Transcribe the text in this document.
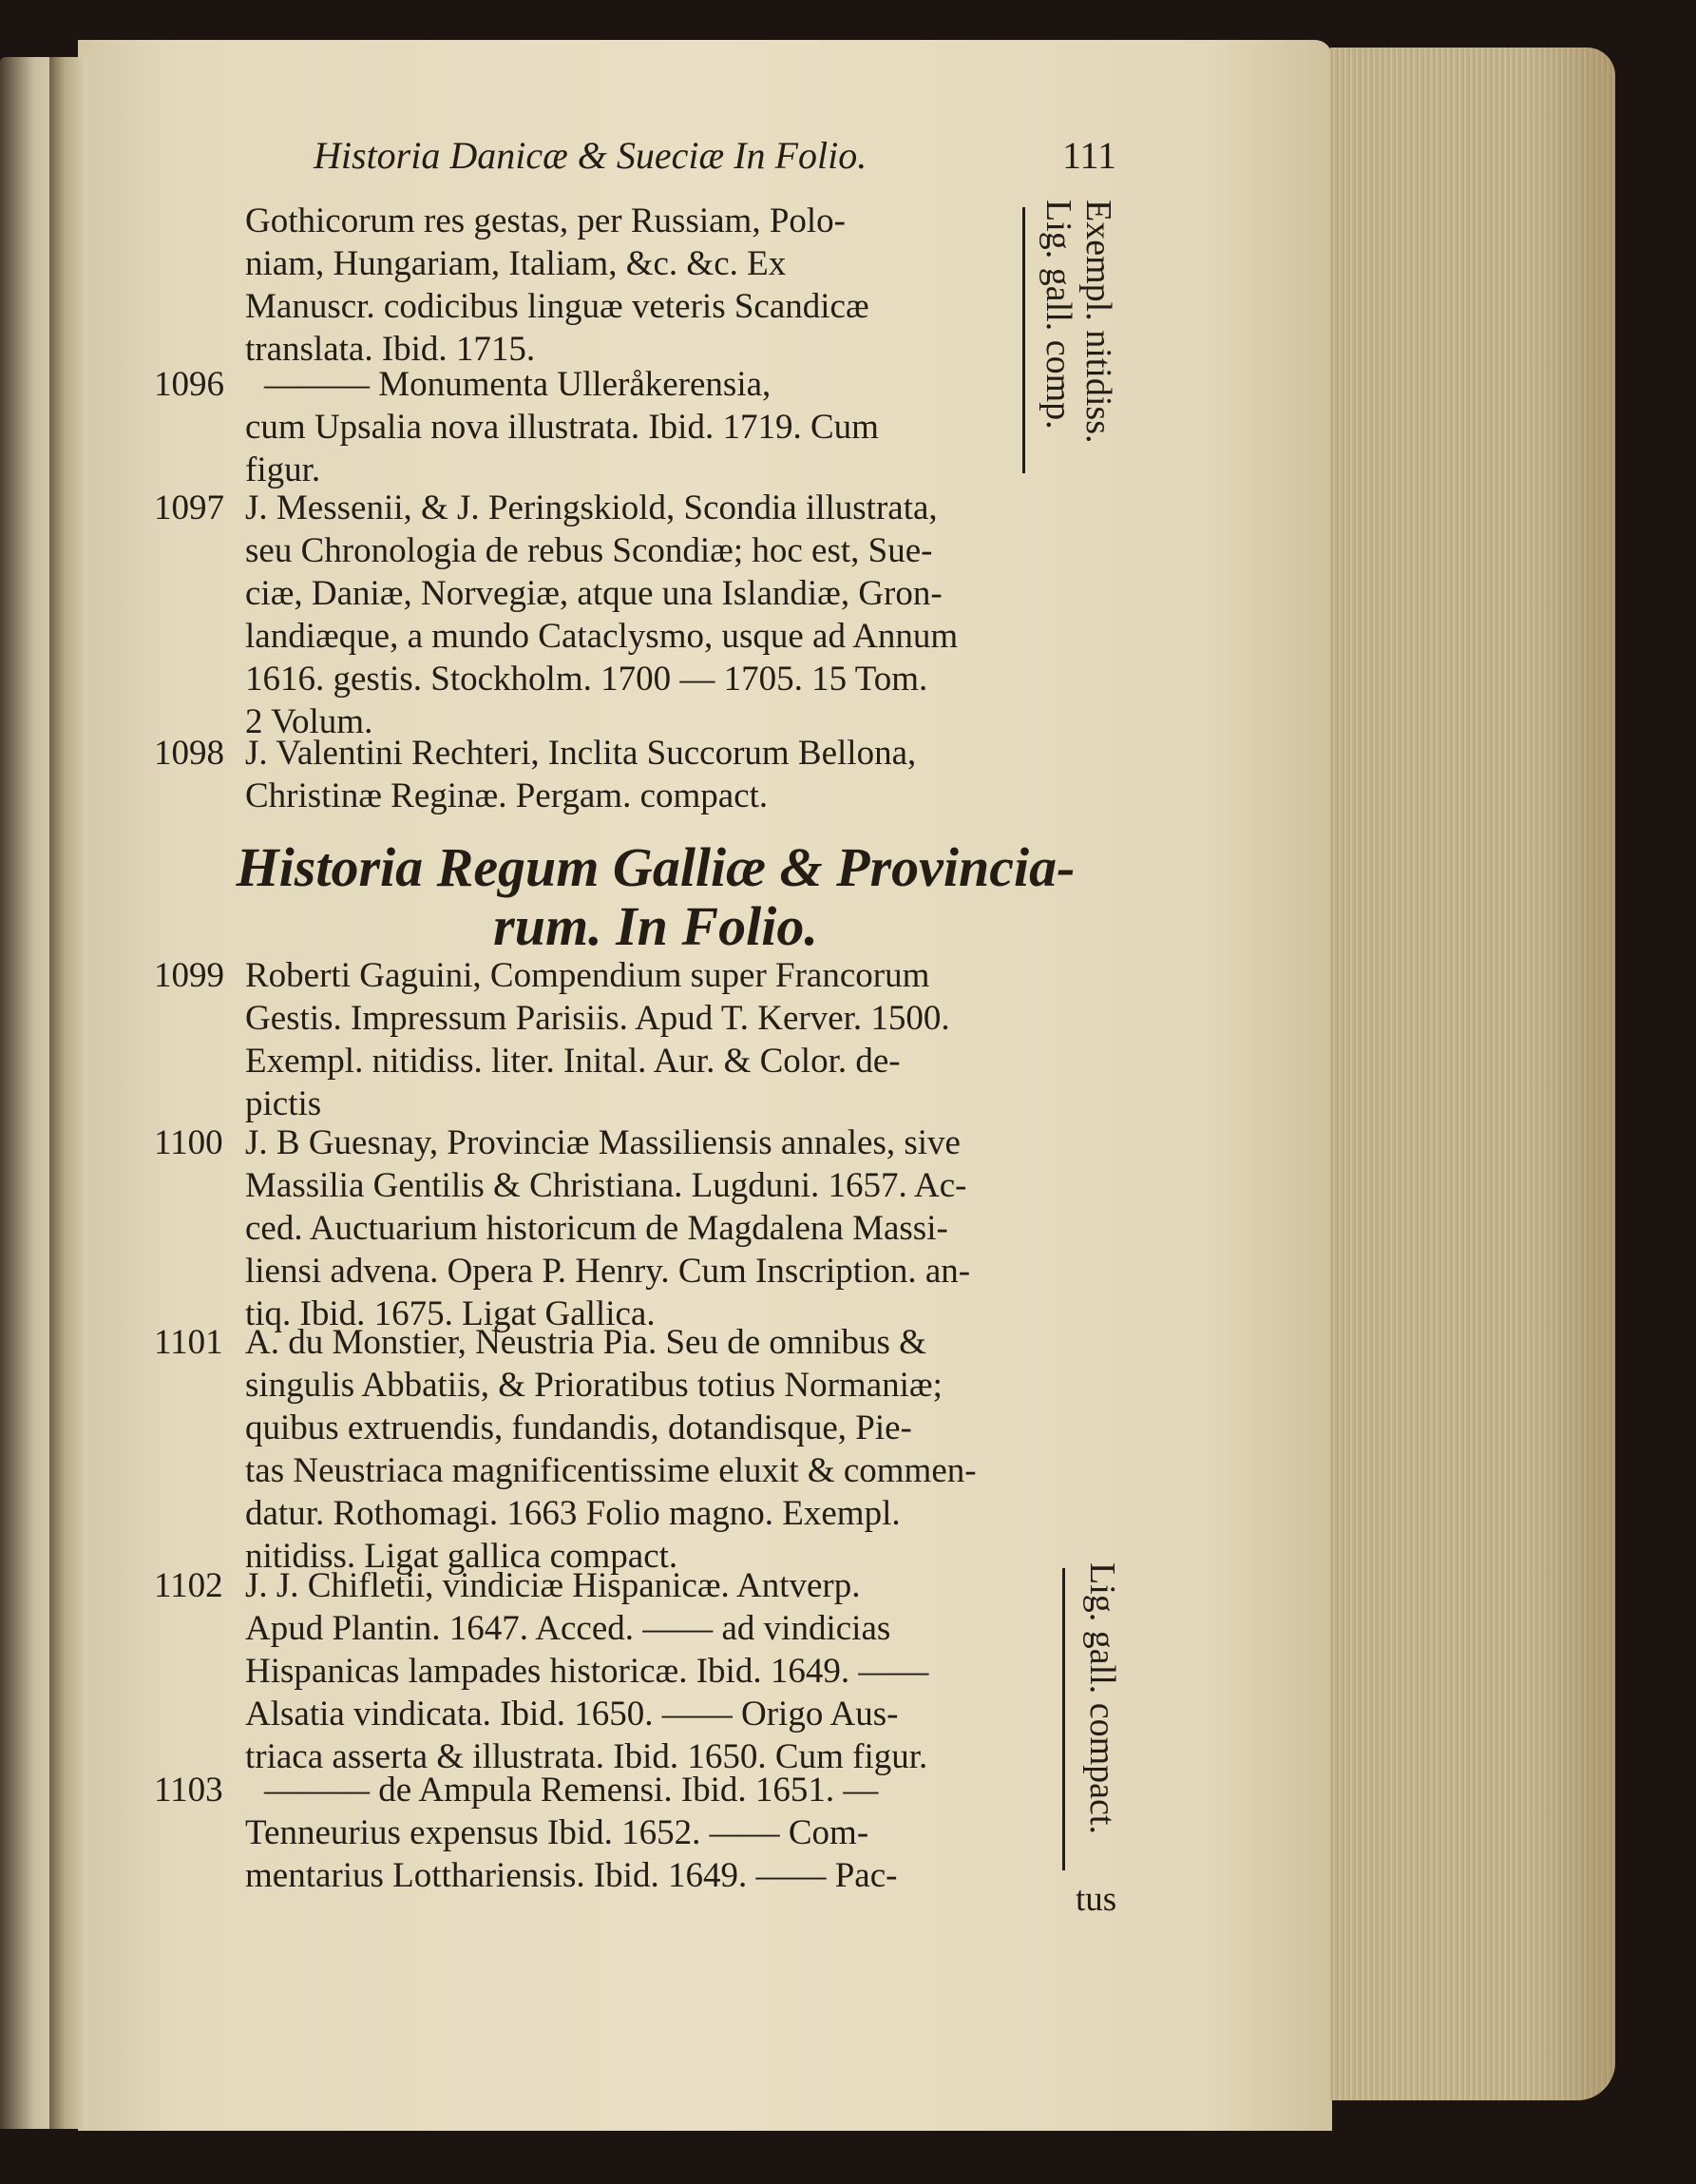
Historia Danicæ & Sueciæ In Folio.	111
Gothicorum res gestas, per Russiam, Polo-
niam, Hungariam, Italiam, &c. &c. Ex
Manuscr. codicibus linguæ veteris Scandicæ
translata. Ibid. 1715.
1096	——— Monumenta Ulleråkerensia,
cum Upsalia nova illustrata. Ibid. 1719. Cum
figur.
1097 J. Messenii, & J. Peringskiold, Scondia illustrata,
seu Chronologia de rebus Scondiæ; hoc est, Sue-
ciæ, Daniæ, Norvegiæ, atque una Islandiæ, Gron-
landiæque, a mundo Cataclysmo, usque ad Annum
1616. gestis. Stockholm. 1700 — 1705. 15 Tom.
2 Volum.
1098 J. Valentini Rechteri, Inclita Succorum Bellona,
Christinæ Reginæ. Pergam. compact.
Exempl. nitidiss.
Lig. gall. comp.
Historia Regum Galliæ & Provincia-
rum. In Folio.
1099 Roberti Gaguini, Compendium super Francorum
Gestis. Impressum Parisiis. Apud T. Kerver. 1500.
Exempl. nitidiss. liter. Inital. Aur. & Color. de-
pictis
1100 J. B Guesnay, Provinciæ Massiliensis annales, sive
Massilia Gentilis & Christiana. Lugduni. 1657. Ac-
ced. Auctuarium historicum de Magdalena Massi-
liensi advena. Opera P. Henry. Cum Inscription. an-
tiq. Ibid. 1675. Ligat Gallica.
1101 A. du Monstier, Neustria Pia. Seu de omnibus &
singulis Abbatiis, & Prioratibus totius Normaniæ;
quibus extruendis, fundandis, dotandisque, Pie-
tas Neustriaca magnificentissime eluxit & commen-
datur. Rothomagi. 1663 Folio magno. Exempl.
nitidiss. Ligat gallica compact.
1102 J. J. Chifletii, vindiciæ Hispanicæ. Antverp.
Apud Plantin. 1647. Acced. —— ad vindicias
Hispanicas lampades historicæ. Ibid. 1649. ——
Alsatia vindicata. Ibid. 1650. —— Origo Aus-
triaca asserta & illustrata. Ibid. 1650. Cum figur.
1103	——— de Ampula Remensi. Ibid. 1651. —
Tenneurius expensus Ibid. 1652. —— Com-
mentarius Lotthariensis. Ibid. 1649. —— Pac-
Lig. gall. compact.
tus
